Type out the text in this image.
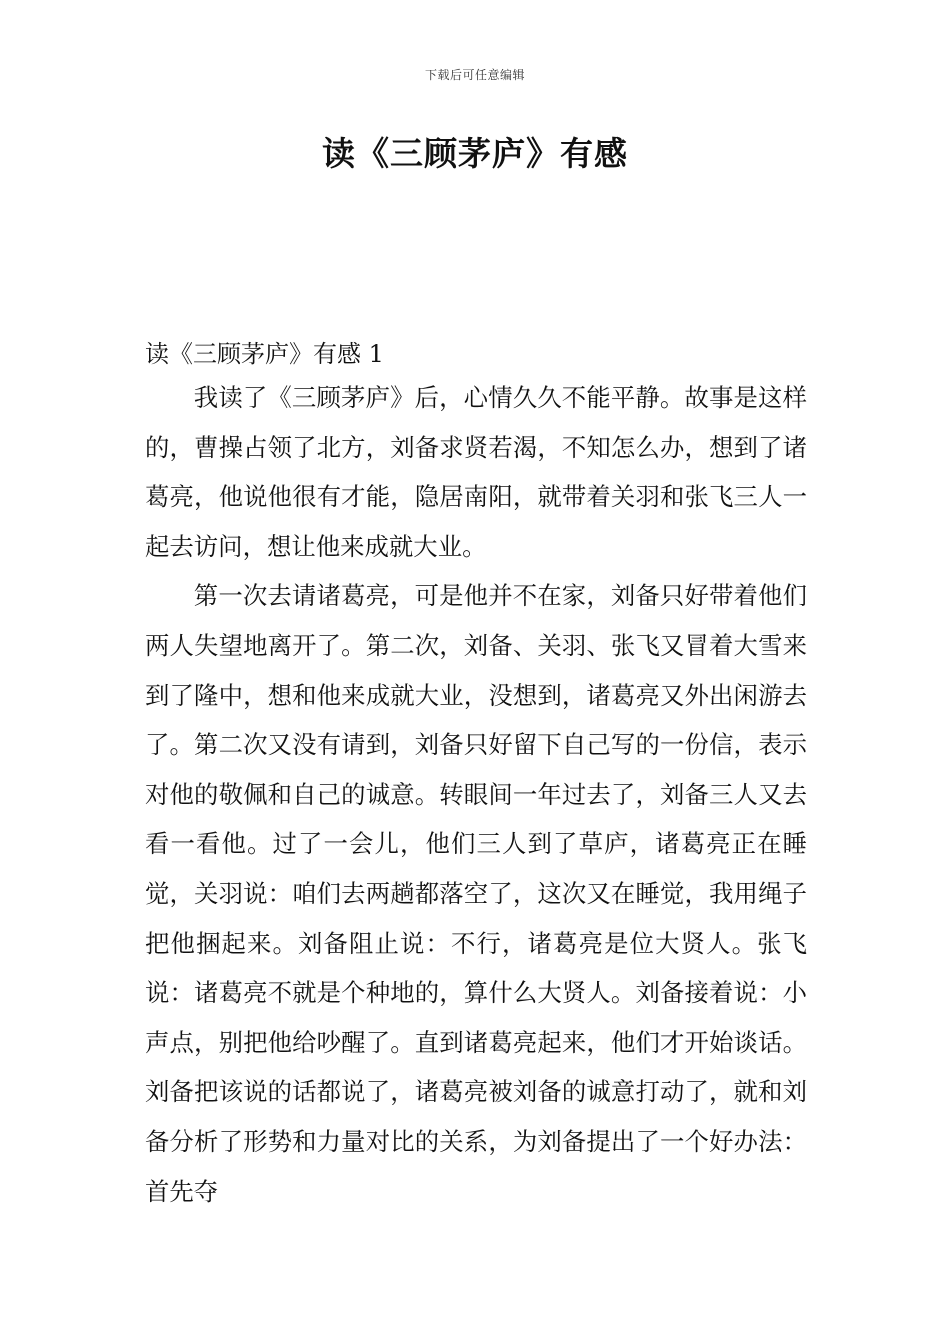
下载后可任意编辑
读《三顾茅庐》有感
读《三顾茅庐》有感 1

我读了《三顾茅庐》后，心情久久不能平静。故事是这样的，曹操占领了北方，刘备求贤若渴，不知怎么办，想到了诸葛亮，他说他很有才能，隐居南阳，就带着关羽和张飞三人一起去访问，想让他来成就大业。

第一次去请诸葛亮，可是他并不在家，刘备只好带着他们两人失望地离开了。第二次，刘备、关羽、张飞又冒着大雪来到了隆中，想和他来成就大业，没想到，诸葛亮又外出闲游去了。第二次又没有请到，刘备只好留下自己写的一份信，表示对他的敬佩和自己的诚意。转眼间一年过去了，刘备三人又去看一看他。过了一会儿，他们三人到了草庐，诸葛亮正在睡觉，关羽说：咱们去两趟都落空了，这次又在睡觉，我用绳子把他捆起来。刘备阻止说：不行，诸葛亮是位大贤人。张飞说：诸葛亮不就是个种地的，算什么大贤人。刘备接着说：小声点，别把他给吵醒了。直到诸葛亮起来，他们才开始谈话。刘备把该说的话都说了，诸葛亮被刘备的诚意打动了，就和刘备分析了形势和力量对比的关系，为刘备提出了一个好办法：首先夺
